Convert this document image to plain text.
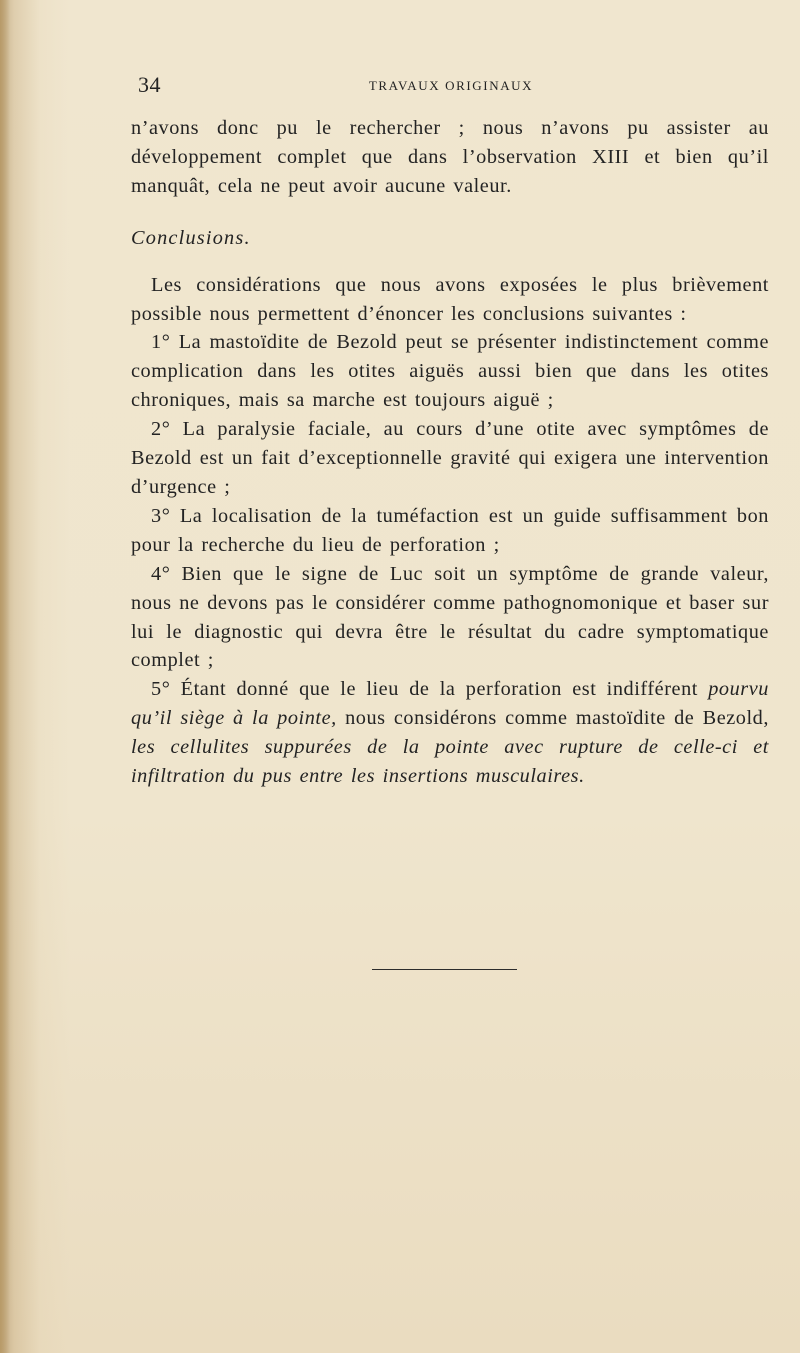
34	TRAVAUX ORIGINAUX

n’avons donc pu le rechercher ; nous n’avons pu assister au développement complet que dans l’observation XIII et bien qu’il manquât, cela ne peut avoir aucune valeur.

Conclusions.

Les considérations que nous avons exposées le plus brièvement possible nous permettent d’énoncer les conclusions suivantes :

1° La mastoïdite de Bezold peut se présenter indistinctement comme complication dans les otites aiguës aussi bien que dans les otites chroniques, mais sa marche est toujours aiguë ;

2° La paralysie faciale, au cours d’une otite avec symptômes de Bezold est un fait d’exceptionnelle gravité qui exigera une intervention d’urgence ;

3° La localisation de la tuméfaction est un guide suffisamment bon pour la recherche du lieu de perforation ;

4° Bien que le signe de Luc soit un symptôme de grande valeur, nous ne devons pas le considérer comme pathognomonique et baser sur lui le diagnostic qui devra être le résultat du cadre symptomatique complet ;

5° Étant donné que le lieu de la perforation est indifférent pourvu qu’il siège à la pointe, nous considérons comme mastoïdite de Bezold, les cellulites suppurées de la pointe avec rupture de celle-ci et infiltration du pus entre les insertions musculaires.
